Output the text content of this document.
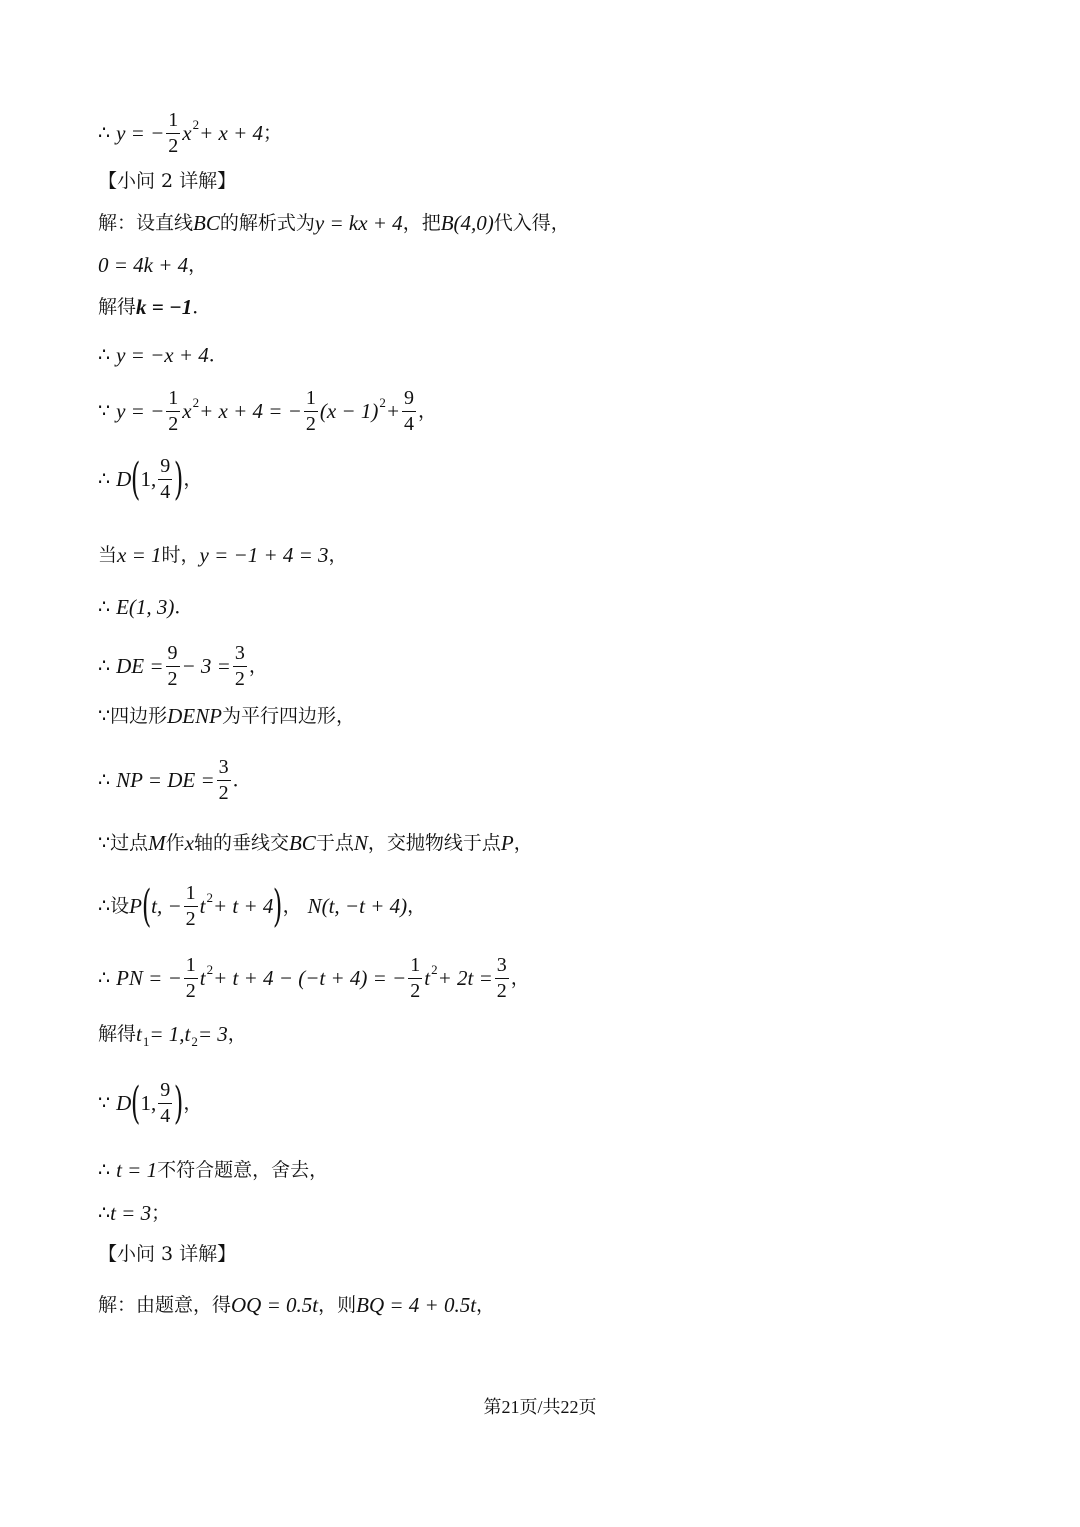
∴ y = − $\frac{1}{2}$ x 2 + x + 4 ；
【小问 2 详解】
解：设直线 BC 的解析式为 y = kx + 4 ，把 B(4,0) 代入得，
0 = 4k + 4 ，
解得 k = −1 ．
∴ y = −x + 4 ．
∵ y = − $\frac{1}{2}$ x 2 + x + 4 = − $\frac{1}{2} (x - 1) 2 + \frac{9}{4}$ ，
∴ D ( 1, $\frac{9}{4}$ ) ，
当 x = 1 时， y = −1 + 4 = 3 ，
∴ E(1, 3) ．
∴ DE = $\frac{9}{2} - 3 = \frac{3}{2}$ ，
∵ 四边形 DENP 为平行四边形，
∴ NP = DE = $\frac{3}{2}$ ．
∵ 过点 M 作 x 轴的垂线交 BC 于点 N ，交抛物线于点 P ，
∴ 设 P ( t, − $\frac{1}{2}$ t 2 + t + 4 ) ， N (t, −t + 4) ，
∴ PN = − $\frac{1}{2}$ t 2 + t + 4 − (−t + 4) = − $\frac{1}{2}$ t $2 + 2t = \frac{3}{2}$ ，
解得 t 1 = 1, t 2 = 3 ，
∵ D ( 1, $\frac{9}{4}$ ) ，
∴ t = 1 不符合题意，舍去，
∴ t = 3 ；
【小问 3 详解】
解：由题意，得 OQ = 0.5t ，则 BQ = 4 + 0.5t ，
第21页/共22页
